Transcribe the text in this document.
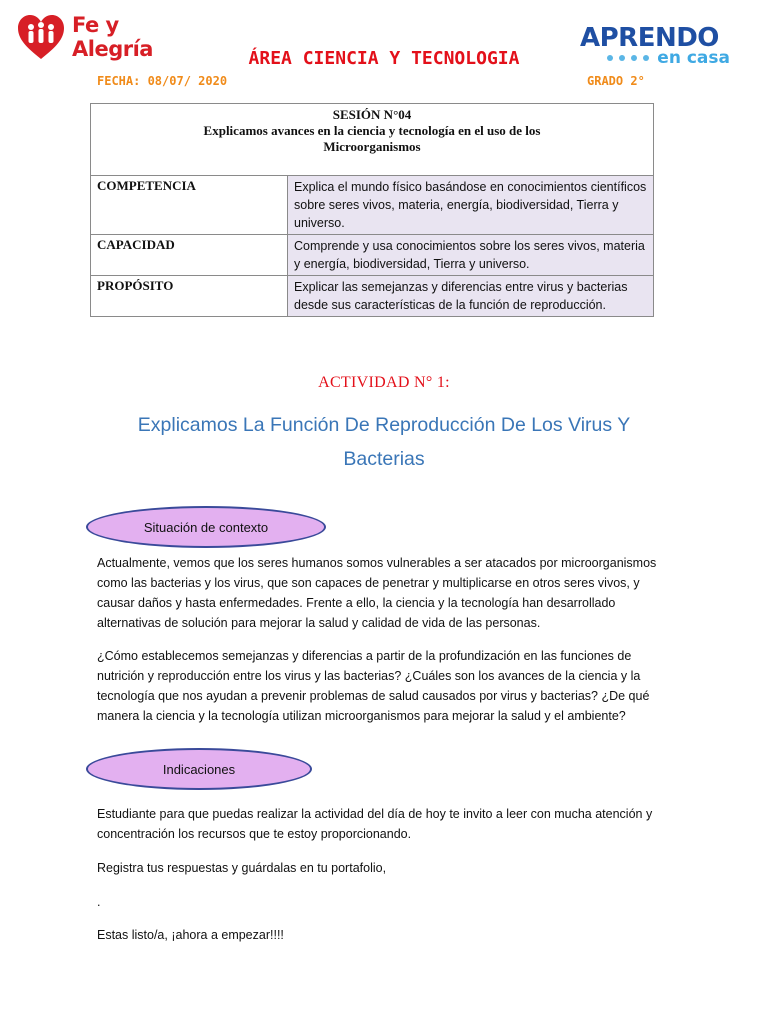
Fe y Alegría	ÁREA CIENCIA Y TECNOLOGIA
APRENDO
en casa
FECHA: 08/07/ 2020	GRADO 2°
SESIÓN N°04
Explicamos avances en la ciencia y tecnología en el uso de los Microorganismos	

COMPETENCIA	Explica el mundo físico basándose en conocimientos científicos sobre seres vivos, materia, energía, biodiversidad, Tierra y universo.
CAPACIDAD	Comprende y usa conocimientos sobre los seres vivos, materia y energía, biodiversidad, Tierra y universo.
PROPÓSITO	Explicar las semejanzas y diferencias entre virus y bacterias desde sus características de la función de reproducción.
ACTIVIDAD N° 1:
Explicamos La Función De Reproducción De Los Virus Y Bacterias
Situación de contexto

Actualmente, vemos que los seres humanos somos vulnerables a ser atacados por microorganismos como las bacterias y los virus, que son capaces de penetrar y multiplicarse en otros seres vivos, y causar daños y hasta enfermedades. Frente a ello, la ciencia y la tecnología han desarrollado alternativas de solución para mejorar la salud y calidad de vida de las personas.

¿Cómo establecemos semejanzas y diferencias a partir de la profundización en las funciones de nutrición y reproducción entre los virus y las bacterias? ¿Cuáles son los avances de la ciencia y la tecnología que nos ayudan a prevenir problemas de salud causados por virus y bacterias? ¿De qué manera la ciencia y la tecnología utilizan microorganismos para mejorar la salud y el ambiente?

Indicaciones

Estudiante para que puedas realizar la actividad del día de hoy te invito a leer con mucha atención y concentración los recursos que te estoy proporcionando.

Registra tus respuestas y guárdalas en tu portafolio,

.

Estas listo/a, ¡ahora a empezar!!!!
